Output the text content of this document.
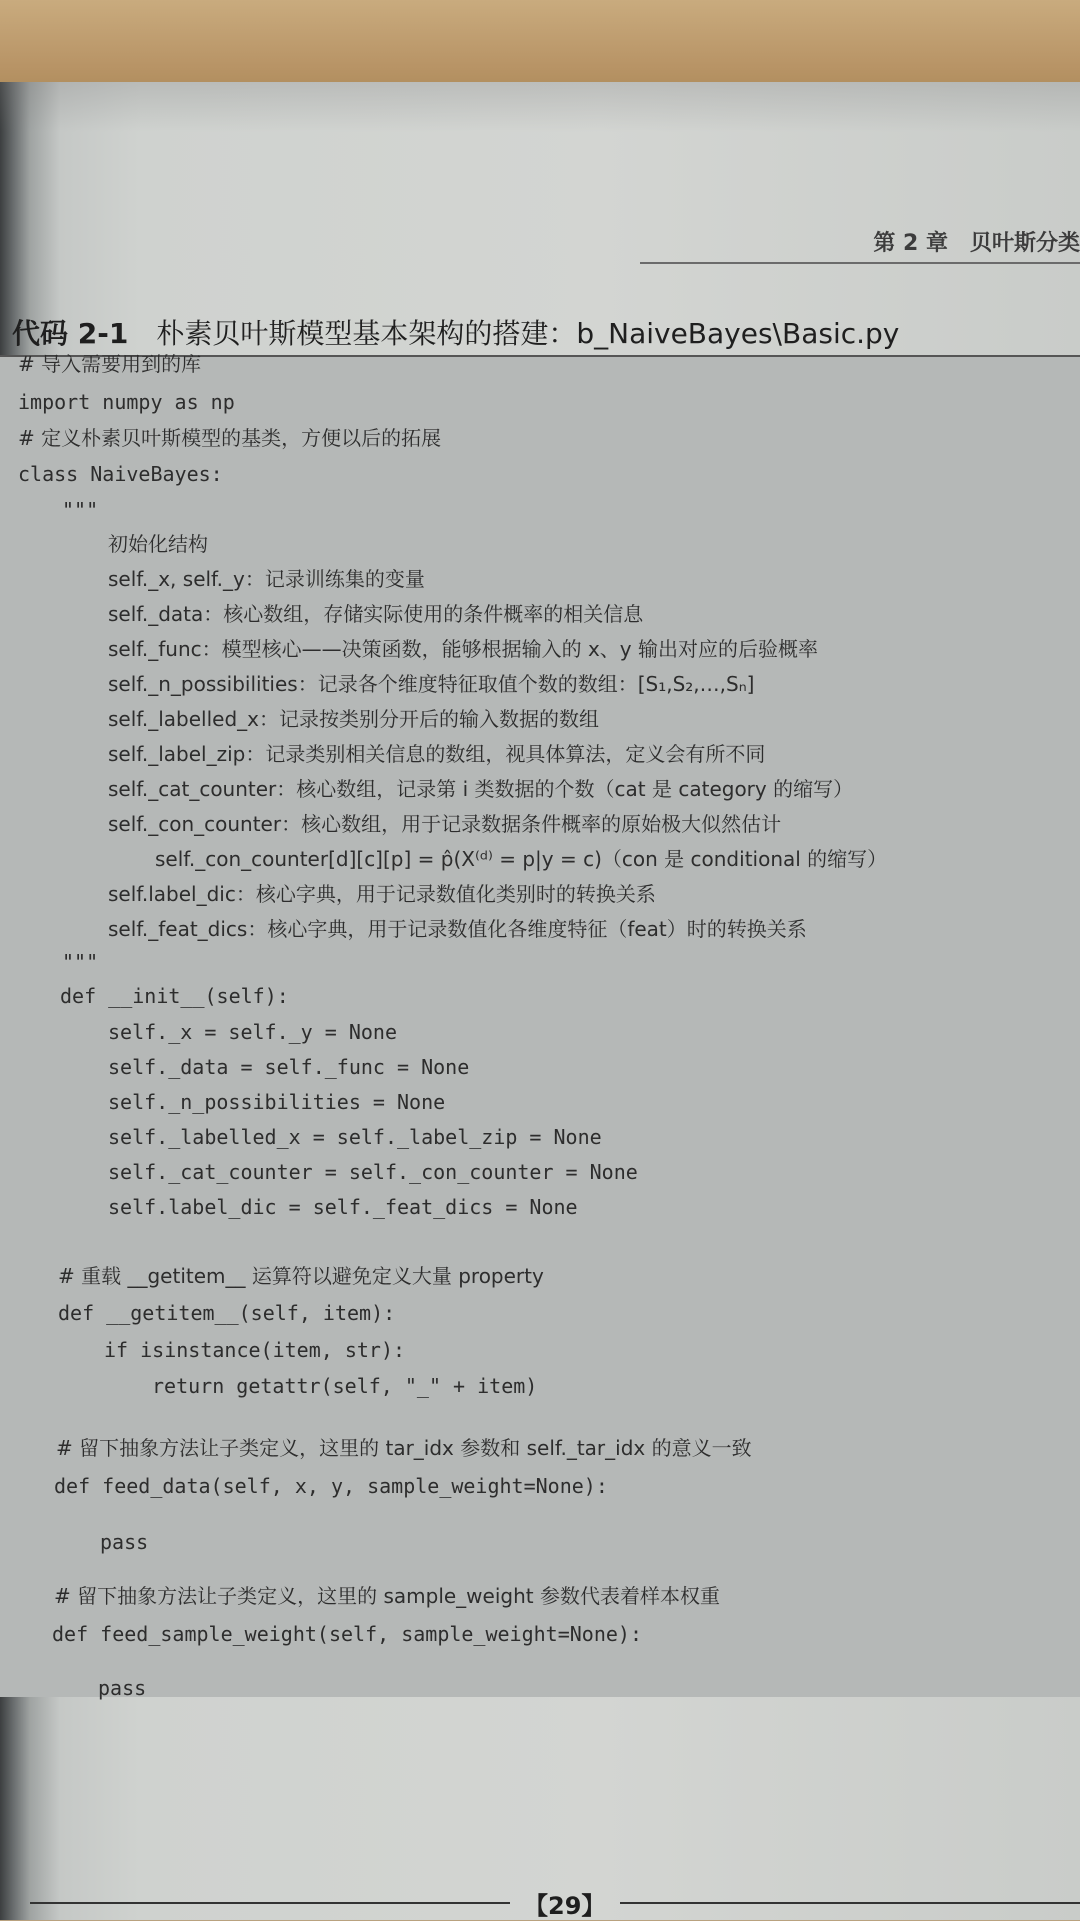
第 2 章　贝叶斯分类
代码 2-1 朴素贝叶斯模型基本架构的搭建：b_NaiveBayes\Basic.py
# 导入需要用到的库
import numpy as np
# 定义朴素贝叶斯模型的基类，方便以后的拓展
class NaiveBayes:
"""
初始化结构
self._x, self._y：记录训练集的变量
self._data：核心数组，存储实际使用的条件概率的相关信息
self._func：模型核心——决策函数，能够根据输入的 x、y 输出对应的后验概率
self._n_possibilities：记录各个维度特征取值个数的数组：[S₁,S₂,…,Sₙ]
self._labelled_x：记录按类别分开后的输入数据的数组
self._label_zip：记录类别相关信息的数组，视具体算法，定义会有所不同
self._cat_counter：核心数组，记录第 i 类数据的个数（cat 是 category 的缩写）
self._con_counter：核心数组，用于记录数据条件概率的原始极大似然估计
self._con_counter[d][c][p] = p̂(X⁽ᵈ⁾ = p|y = c)（con 是 conditional 的缩写）
self.label_dic：核心字典，用于记录数值化类别时的转换关系
self._feat_dics：核心字典，用于记录数值化各维度特征（feat）时的转换关系
"""
def __init__(self):
self._x = self._y = None
self._data = self._func = None
self._n_possibilities = None
self._labelled_x = self._label_zip = None
self._cat_counter = self._con_counter = None
self.label_dic = self._feat_dics = None
# 重载 __getitem__ 运算符以避免定义大量 property
def __getitem__(self, item):
if isinstance(item, str):
return getattr(self, "_" + item)
# 留下抽象方法让子类定义，这里的 tar_idx 参数和 self._tar_idx 的意义一致
def feed_data(self, x, y, sample_weight=None):
pass
# 留下抽象方法让子类定义，这里的 sample_weight 参数代表着样本权重
def feed_sample_weight(self, sample_weight=None):
pass
【29】
